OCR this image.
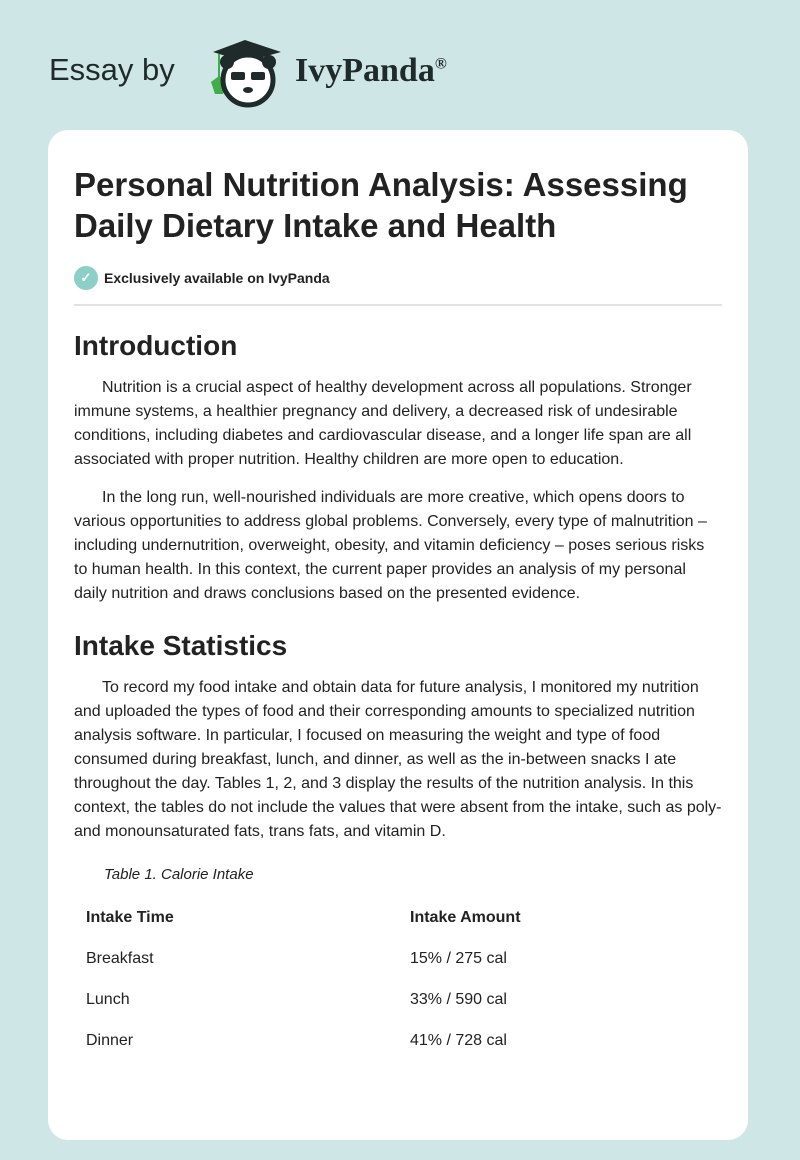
Essay by	IvyPanda®
Personal Nutrition Analysis: Assessing Daily Dietary Intake and Health
✓ Exclusively available on IvyPanda
Introduction

Nutrition is a crucial aspect of healthy development across all populations. Stronger immune systems, a healthier pregnancy and delivery, a decreased risk of undesirable conditions, including diabetes and cardiovascular disease, and a longer life span are all associated with proper nutrition. Healthy children are more open to education.

In the long run, well-nourished individuals are more creative, which opens doors to various opportunities to address global problems. Conversely, every type of malnutrition – including undernutrition, overweight, obesity, and vitamin deficiency – poses serious risks to human health. In this context, the current paper provides an analysis of my personal daily nutrition and draws conclusions based on the presented evidence.

Intake Statistics

To record my food intake and obtain data for future analysis, I monitored my nutrition and uploaded the types of food and their corresponding amounts to specialized nutrition analysis software. In particular, I focused on measuring the weight and type of food consumed during breakfast, lunch, and dinner, as well as the in-between snacks I ate throughout the day. Tables 1, 2, and 3 display the results of the nutrition analysis. In this context, the tables do not include the values that were absent from the intake, such as poly- and monounsaturated fats, trans fats, and vitamin D.

Table 1. Calorie Intake
Intake Time	Intake Amount
Breakfast	15% / 275 cal
Lunch	33% / 590 cal
Dinner	41% / 728 cal
